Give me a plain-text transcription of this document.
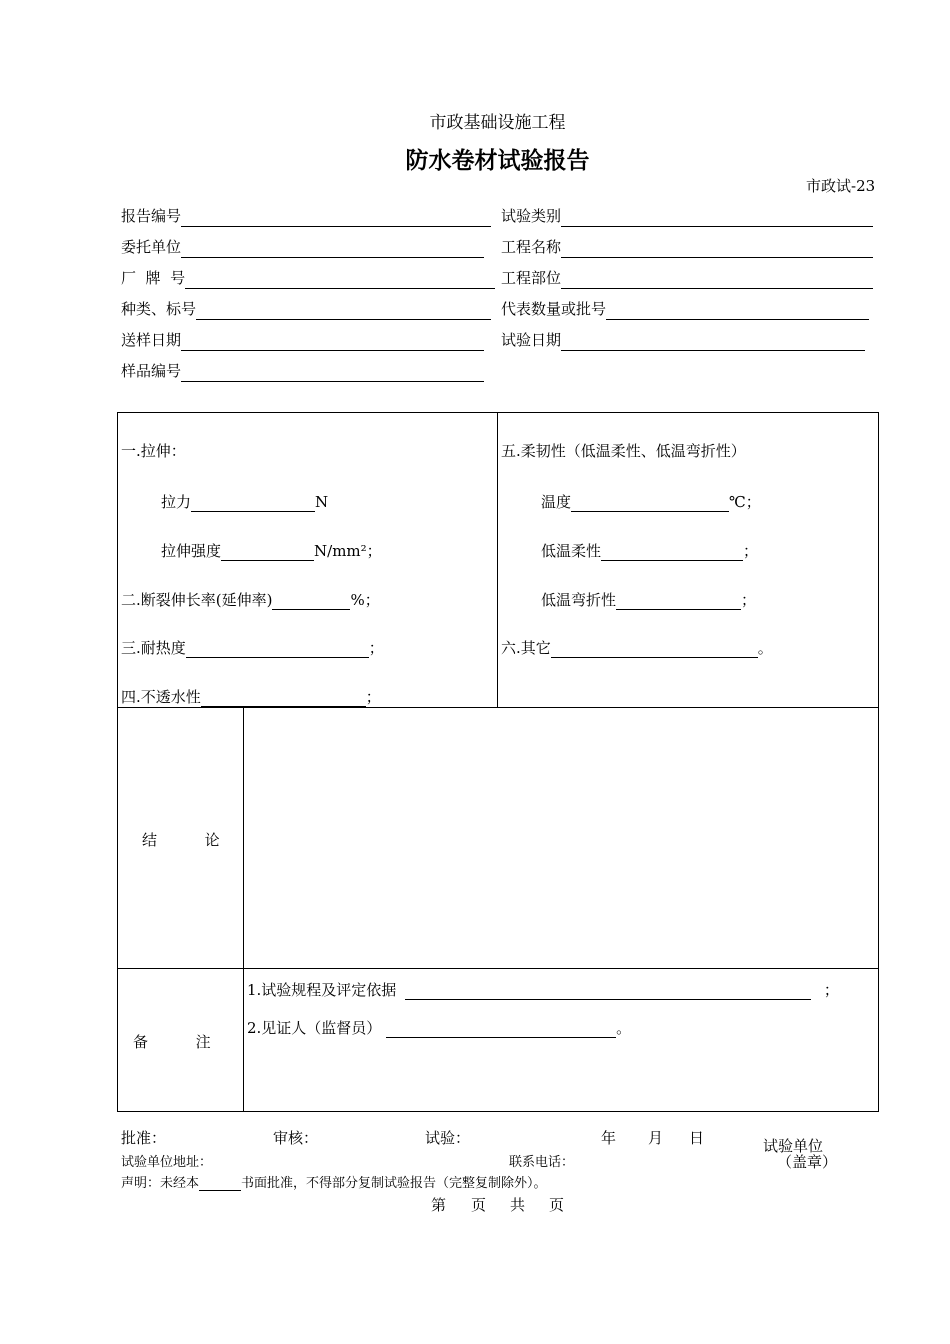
市政基础设施工程
防水卷材试验报告
市政试-23
报告编号	试验类别
委托单位	工程名称
厂  牌  号	工程部位
种类、标号	代表数量或批号
送样日期	试验日期
样品编号
一.拉伸：
拉力	N
拉伸强度	N/mm²；
二.断裂伸长率(延伸率)	%；
三.耐热度	；
四.不透水性	；
五.柔韧性（低温柔性、低温弯折性）
温度	℃；
低温柔性	；
低温弯折性	；
六.其它	。
结          论
备          注
1.试验规程及评定依据	；
2.见证人（监督员）	。
批准：	审核：	试验：	年 月 日	试验单位
（盖章）
试验单位地址：	联系电话：
声明：未经本	书面批准，不得部分复制试验报告（完整复制除外）。
第 页 共 页
